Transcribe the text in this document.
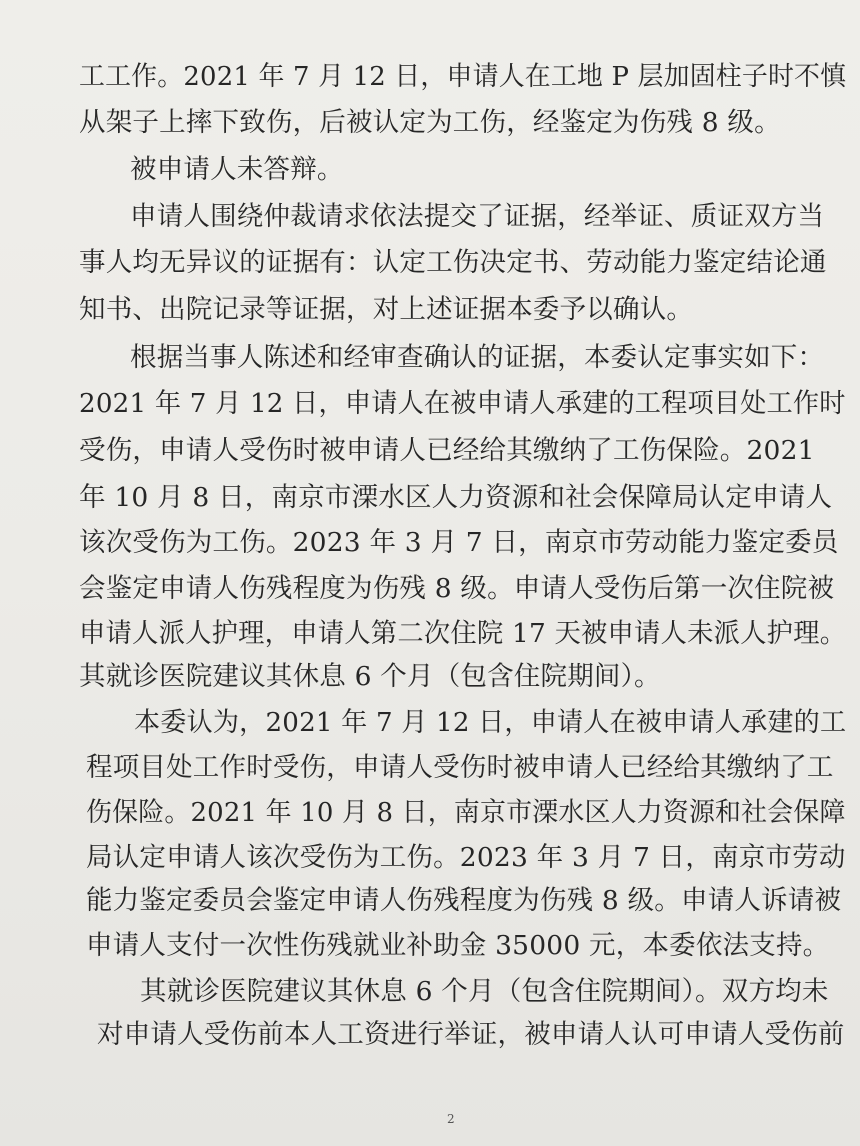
工工作。2021 年 7 月 12 日，申请人在工地 P 层加固柱子时不慎
从架子上摔下致伤，后被认定为工伤，经鉴定为伤残 8 级。
被申请人未答辩。
申请人围绕仲裁请求依法提交了证据，经举证、质证双方当
事人均无异议的证据有：认定工伤决定书、劳动能力鉴定结论通
知书、出院记录等证据，对上述证据本委予以确认。
根据当事人陈述和经审查确认的证据，本委认定事实如下：
2021 年 7 月 12 日，申请人在被申请人承建的工程项目处工作时
受伤，申请人受伤时被申请人已经给其缴纳了工伤保险。2021
年 10 月 8 日，南京市溧水区人力资源和社会保障局认定申请人
该次受伤为工伤。2023 年 3 月 7 日，南京市劳动能力鉴定委员
会鉴定申请人伤残程度为伤残 8 级。申请人受伤后第一次住院被
申请人派人护理，申请人第二次住院 17 天被申请人未派人护理。
其就诊医院建议其休息 6 个月（包含住院期间）。
本委认为，2021 年 7 月 12 日，申请人在被申请人承建的工
程项目处工作时受伤，申请人受伤时被申请人已经给其缴纳了工
伤保险。2021 年 10 月 8 日，南京市溧水区人力资源和社会保障
局认定申请人该次受伤为工伤。2023 年 3 月 7 日，南京市劳动
能力鉴定委员会鉴定申请人伤残程度为伤残 8 级。申请人诉请被
申请人支付一次性伤残就业补助金 35000 元，本委依法支持。
其就诊医院建议其休息 6 个月（包含住院期间）。双方均未
对申请人受伤前本人工资进行举证，被申请人认可申请人受伤前
2
